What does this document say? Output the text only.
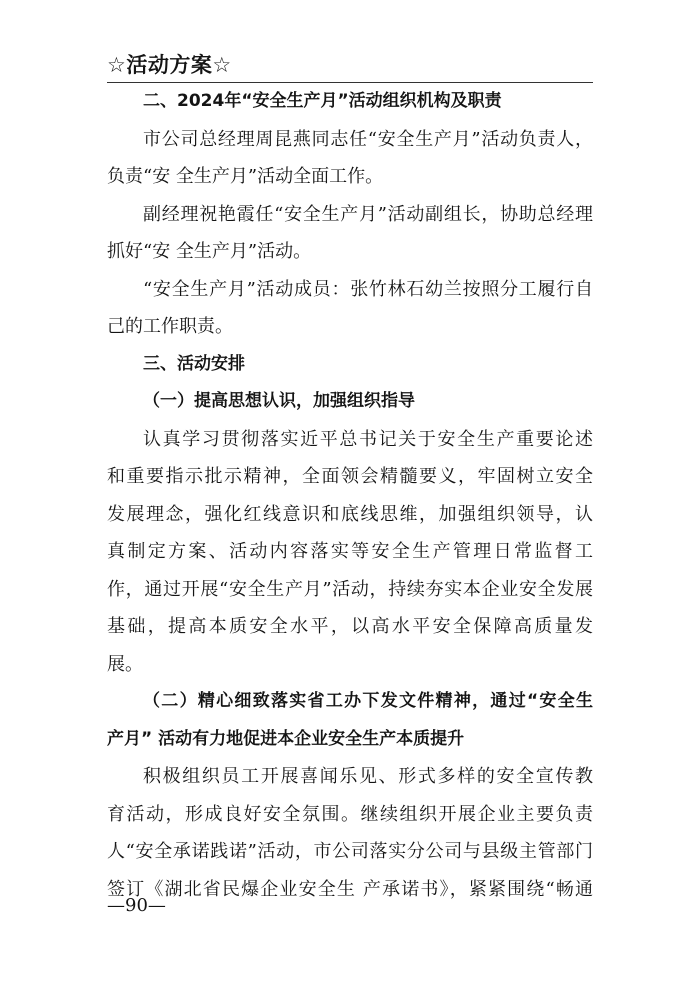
☆活动方案☆
二、2024年“安全生产月”活动组织机构及职责
市公司总经理周昆燕同志任“安全生产月”活动负责人，
负责“安 全生产月”活动全面工作。
副经理祝艳霞任“安全生产月”活动副组长，协助总经理
抓好“安 全生产月”活动。
“安全生产月”活动成员：张竹林石幼兰按照分工履行自
己的工作职责。
三、活动安排
（一）提高思想认识，加强组织指导
认真学习贯彻落实近平总书记关于安全生产重要论述
和重要指示批示精神，全面领会精髓要义，牢固树立安全
发展理念，强化红线意识和底线思维，加强组织领导，认
真制定方案、活动内容落实等安全生产管理日常监督工
作，通过开展“安全生产月”活动，持续夯实本企业安全发展
基础，提高本质安全水平，以高水平安全保障高质量发
展。
（二）精心细致落实省工办下发文件精神，通过“安全生
产月” 活动有力地促进本企业安全生产本质提升
积极组织员工开展喜闻乐见、形式多样的安全宣传教
育活动，形成良好安全氛围。继续组织开展企业主要负责
人“安全承诺践诺”活动，市公司落实分公司与县级主管部门
签订《湖北省民爆企业安全生 产承诺书》，紧紧围绕“畅通
—90—
